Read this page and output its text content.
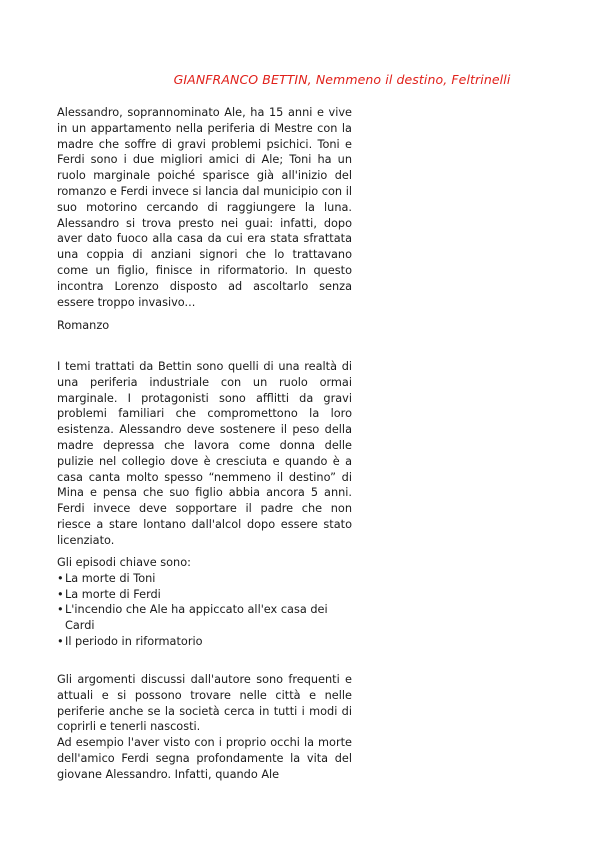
GIANFRANCO BETTIN, Nemmeno il destino, Feltrinelli

Alessandro, soprannominato Ale, ha 15 anni e vive in un appartamento nella periferia di Mestre con la madre che soffre di gravi problemi psichici. Toni e Ferdi sono i due migliori amici di Ale; Toni ha un ruolo marginale poiché sparisce già all'inizio del romanzo e Ferdi invece si lancia dal municipio con il suo motorino cercando di raggiungere la luna. Alessandro si trova presto nei guai: infatti, dopo aver dato fuoco alla casa da cui era stata sfrattata una coppia di anziani signori che lo trattavano come un figlio, finisce in riformatorio. In questo incontra Lorenzo disposto ad ascoltarlo senza essere troppo invasivo...

Romanzo

I temi trattati da Bettin sono quelli di una realtà di una periferia industriale con un ruolo ormai marginale. I protagonisti sono afflitti da gravi problemi familiari che compromettono la loro esistenza. Alessandro deve sostenere il peso della madre depressa che lavora come donna delle pulizie nel collegio dove è cresciuta e quando è a casa canta molto spesso “nemmeno il destino” di Mina e pensa che suo figlio abbia ancora 5 anni. Ferdi invece deve sopportare il padre che non riesce a stare lontano dall'alcol dopo essere stato licenziato.

Gli episodi chiave sono:

• La morte di Toni
• La morte di Ferdi
• L'incendio che Ale ha appiccato all'ex casa dei Cardi
• Il periodo in riformatorio

Gli argomenti discussi dall'autore sono frequenti e attuali e si possono trovare nelle città e nelle periferie anche se la società cerca in tutti i modi di coprirli e tenerli nascosti.

Ad esempio l'aver visto con i proprio occhi la morte dell'amico Ferdi segna profondamente la vita del giovane Alessandro. Infatti, quando Ale
